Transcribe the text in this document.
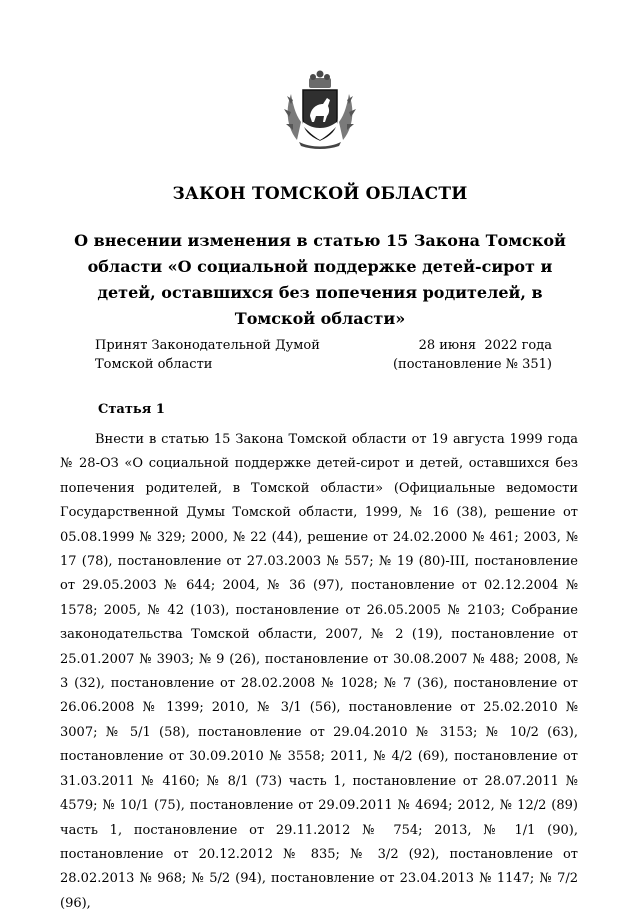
ЗАКОН ТОМСКОЙ ОБЛАСТИ
О внесении изменения в статью 15 Закона Томской области «О социальной поддержке детей-сирот и детей, оставшихся без попечения родителей, в Томской области»
Принят Законодательной Думой
Томской области
28 июня  2022 года
(постановление № 351)
Статья 1

Внести в статью 15 Закона Томской области от 19 августа 1999 года № 28-ОЗ «О социальной поддержке детей-сирот и детей, оставшихся без попечения родителей, в Томской области» (Официальные ведомости Государственной Думы Томской области, 1999, № 16 (38), решение от 05.08.1999 № 329; 2000, № 22 (44), решение от 24.02.2000 № 461; 2003, № 17 (78), постановление от 27.03.2003 № 557; № 19 (80)-III, постановление от 29.05.2003 № 644; 2004, № 36 (97), постановление от 02.12.2004 № 1578; 2005, № 42 (103), постановление от 26.05.2005 № 2103; Собрание законодательства Томской области, 2007, № 2 (19), постановление от 25.01.2007 № 3903; № 9 (26), постановление от 30.08.2007 № 488; 2008, № 3 (32), постановление от 28.02.2008 № 1028; № 7 (36), постановление от 26.06.2008 № 1399; 2010, № 3/1 (56), постановление от 25.02.2010 № 3007; № 5/1 (58), постановление от 29.04.2010 № 3153; № 10/2 (63), постановление от 30.09.2010 № 3558; 2011, № 4/2 (69), постановление от 31.03.2011 № 4160; № 8/1 (73) часть 1, постановление от 28.07.2011 № 4579; № 10/1 (75), постановление от 29.09.2011 № 4694; 2012, № 12/2 (89) часть 1, постановление от 29.11.2012 № 754; 2013, № 1/1 (90), постановление от 20.12.2012 № 835; № 3/2 (92), постановление от 28.02.2013 № 968; № 5/2 (94), постановление от 23.04.2013 № 1147; № 7/2 (96),
